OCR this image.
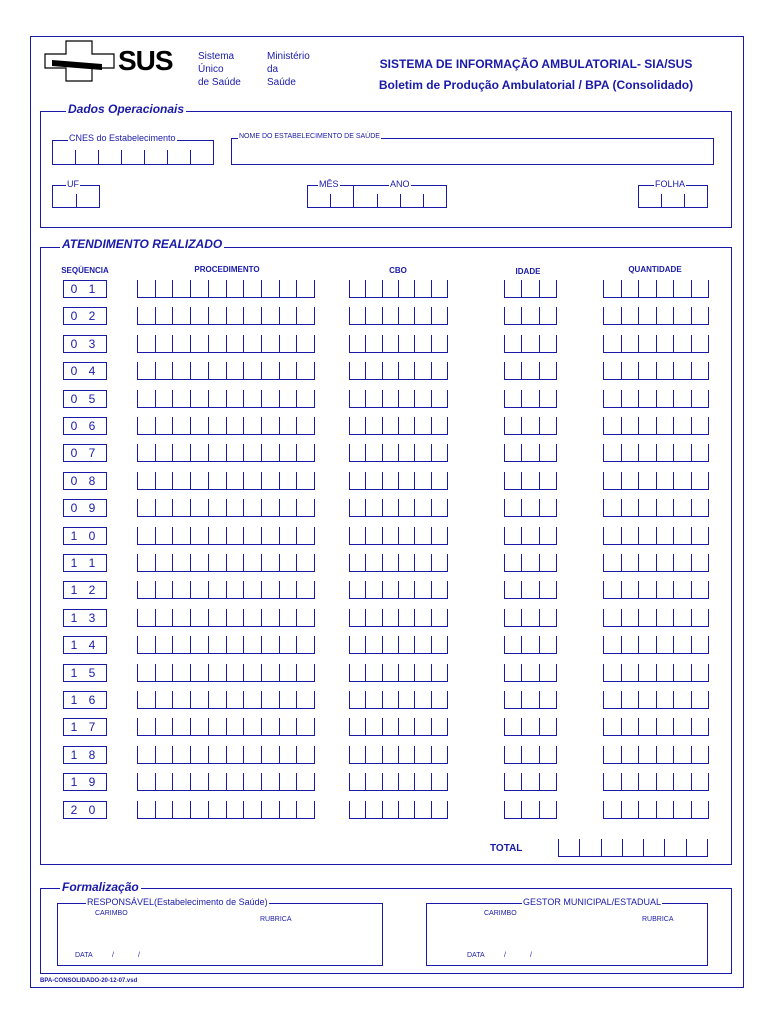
SUS	Sistema
Único
de Saúde
Ministério
da
Saúde
SISTEMA DE INFORMAÇÃO AMBULATORIAL- SIA/SUS
Boletim de Produção Ambulatorial / BPA (Consolidado)
Dados Operacionais
CNES do Estabelecimento	NOME DO ESTABELECIMENTO DE SAÚDE
UF	MÊS	ANO	FOLHA
ATENDIMENTO REALIZADO
SEQÜENCIA	PROCEDIMENTO	CBO	IDADE	QUANTIDADE
0 1
0 2
0 3
0 4
0 5
0 6
0 7
0 8
0 9
1 0
1 1
1 2
1 3
1 4
1 5
1 6
1 7
1 8
1 9
2 0
TOTAL
Formalização
RESPONSÁVEL(Estabelecimento de Saúde)
CARIMBO
RUBRICA
DATA	/	/
GESTOR MUNICIPAL/ESTADUAL
CARIMBO
RUBRICA
DATA	/	/
BPA-CONSOLIDADO-20-12-07.vsd
